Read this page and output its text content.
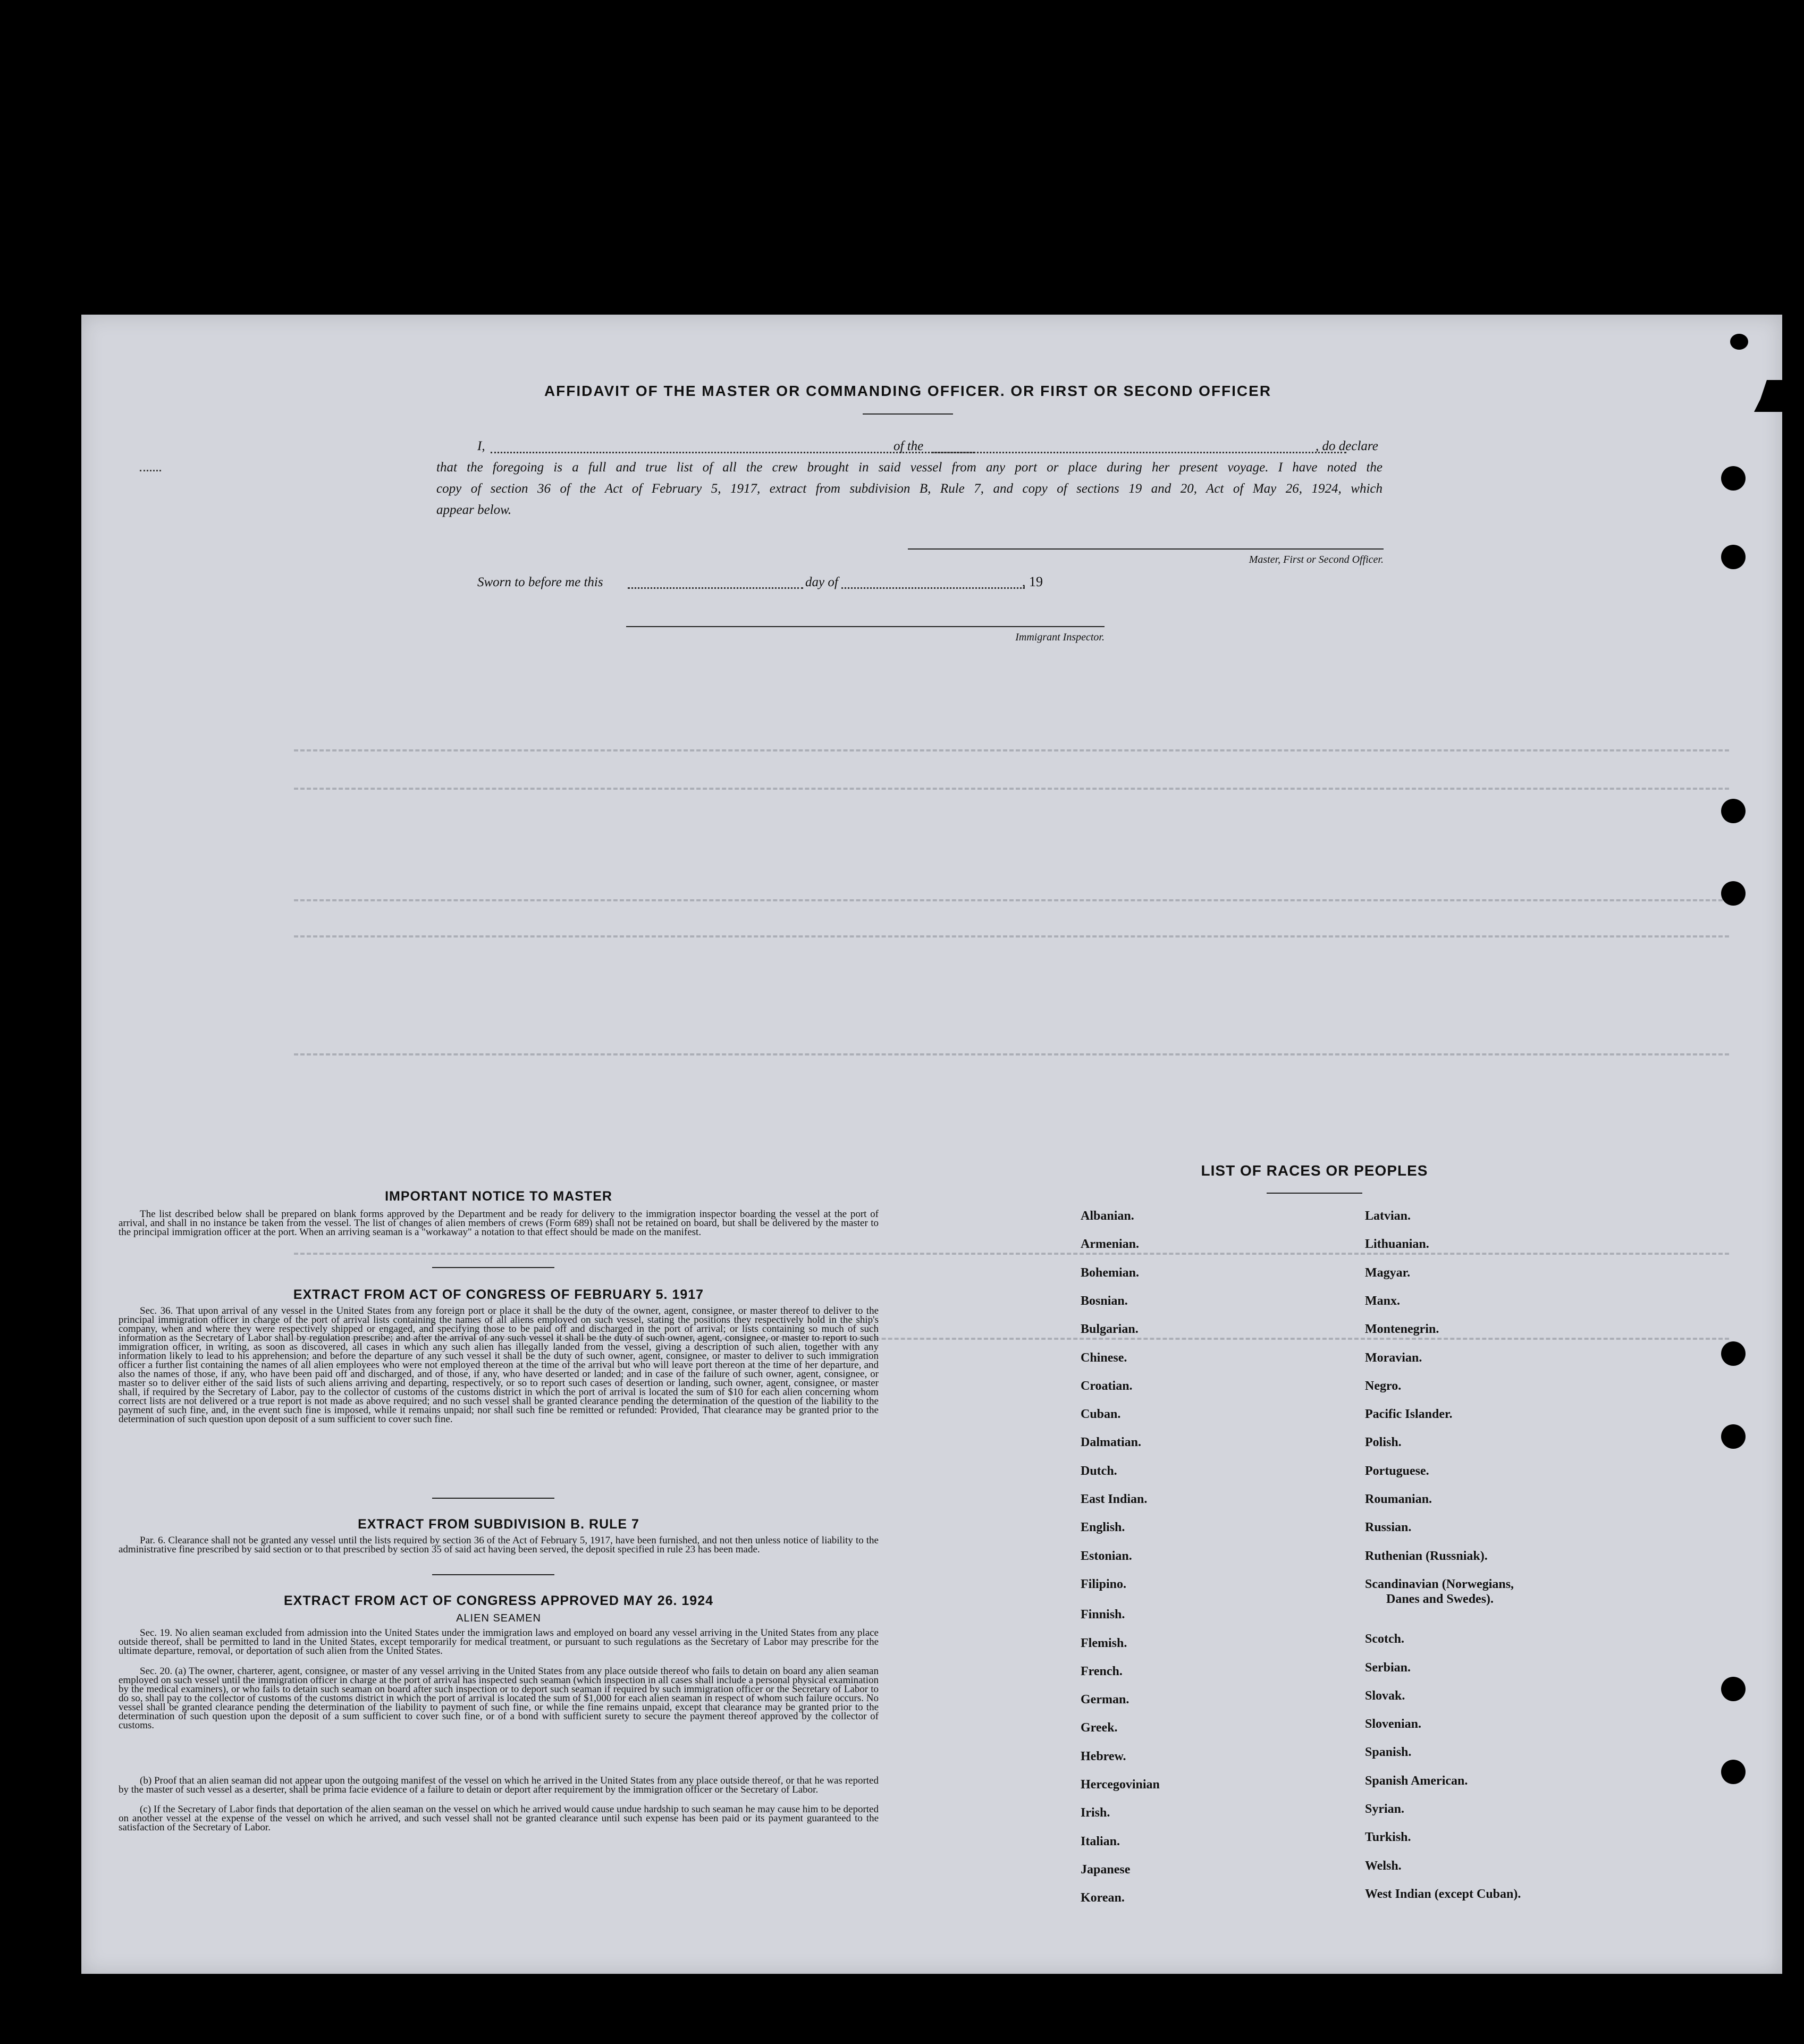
AFFIDAVIT OF THE MASTER OR COMMANDING OFFICER. OR FIRST OR SECOND OFFICER
I,	of the	, do declare
that the foregoing is a full and true list of all the crew brought in said vessel from any port or place during her present voyage. I have noted the
copy of section 36 of the Act of February 5, 1917, extract from subdivision B, Rule 7, and copy of sections 19 and 20, Act of May 26, 1924, which
appear below.
Master, First or Second Officer.
Sworn to before me this	day of	, 19
Immigrant Inspector.
IMPORTANT NOTICE TO MASTER
The list described below shall be prepared on blank forms approved by the Department and be ready for delivery to the immigration inspector boarding the vessel at the port of arrival, and shall in no instance be taken from the vessel. The list of changes of alien members of crews (Form 689) shall not be retained on board, but shall be delivered by the master to the principal immigration officer at the port. When an arriving seaman is a "workaway" a notation to that effect should be made on the manifest.
EXTRACT FROM ACT OF CONGRESS OF FEBRUARY 5. 1917
Sec. 36. That upon arrival of any vessel in the United States from any foreign port or place it shall be the duty of the owner, agent, consignee, or master thereof to deliver to the principal immigration officer in charge of the port of arrival lists containing the names of all aliens employed on such vessel, stating the positions they respectively hold in the ship's company, when and where they were respectively shipped or engaged, and specifying those to be paid off and discharged in the port of arrival; or lists containing so much of such information as the Secretary of Labor shall by regulation prescribe; and after the arrival of any such vessel it shall be the duty of such owner, agent, consignee, or master to report to such immigration officer, in writing, as soon as discovered, all cases in which any such alien has illegally landed from the vessel, giving a description of such alien, together with any information likely to lead to his apprehension; and before the departure of any such vessel it shall be the duty of such owner, agent, consignee, or master to deliver to such immigration officer a further list containing the names of all alien employees who were not employed thereon at the time of the arrival but who will leave port thereon at the time of her departure, and also the names of those, if any, who have been paid off and discharged, and of those, if any, who have deserted or landed; and in case of the failure of such owner, agent, consignee, or master so to deliver either of the said lists of such aliens arriving and departing, respectively, or so to report such cases of desertion or landing, such owner, agent, consignee, or master shall, if required by the Secretary of Labor, pay to the collector of customs of the customs district in which the port of arrival is located the sum of $10 for each alien concerning whom correct lists are not delivered or a true report is not made as above required; and no such vessel shall be granted clearance pending the determination of the question of the liability to the payment of such fine, and, in the event such fine is imposed, while it remains unpaid; nor shall such fine be remitted or refunded: Provided, That clearance may be granted prior to the determination of such question upon deposit of a sum sufficient to cover such fine.
EXTRACT FROM SUBDIVISION B. RULE 7
Par. 6. Clearance shall not be granted any vessel until the lists required by section 36 of the Act of February 5, 1917, have been furnished, and not then unless notice of liability to the administrative fine prescribed by said section or to that prescribed by section 35 of said act having been served, the deposit specified in rule 23 has been made.
EXTRACT FROM ACT OF CONGRESS APPROVED MAY 26. 1924
ALIEN SEAMEN
Sec. 19. No alien seaman excluded from admission into the United States under the immigration laws and employed on board any vessel arriving in the United States from any place outside thereof, shall be permitted to land in the United States, except temporarily for medical treatment, or pursuant to such regulations as the Secretary of Labor may prescribe for the ultimate departure, removal, or deportation of such alien from the United States.
Sec. 20. (a) The owner, charterer, agent, consignee, or master of any vessel arriving in the United States from any place outside thereof who fails to detain on board any alien seaman employed on such vessel until the immigration officer in charge at the port of arrival has inspected such seaman (which inspection in all cases shall include a personal physical examination by the medical examiners), or who fails to detain such seaman on board after such inspection or to deport such seaman if required by such immigration officer or the Secretary of Labor to do so, shall pay to the collector of customs of the customs district in which the port of arrival is located the sum of $1,000 for each alien seaman in respect of whom such failure occurs. No vessel shall be granted clearance pending the determination of the liability to payment of such fine, or while the fine remains unpaid, except that clearance may be granted prior to the determination of such question upon the deposit of a sum sufficient to cover such fine, or of a bond with sufficient surety to secure the payment thereof approved by the collector of customs.
(b) Proof that an alien seaman did not appear upon the outgoing manifest of the vessel on which he arrived in the United States from any place outside thereof, or that he was reported by the master of such vessel as a deserter, shall be prima facie evidence of a failure to detain or deport after requirement by the immigration officer or the Secretary of Labor.
(c) If the Secretary of Labor finds that deportation of the alien seaman on the vessel on which he arrived would cause undue hardship to such seaman he may cause him to be deported on another vessel at the expense of the vessel on which he arrived, and such vessel shall not be granted clearance until such expense has been paid or its payment guaranteed to the satisfaction of the Secretary of Labor.
LIST OF RACES OR PEOPLES
Albanian.
Armenian.
Bohemian.
Bosnian.
Bulgarian.
Chinese.
Croatian.
Cuban.
Dalmatian.
Dutch.
East Indian.
English.
Estonian.
Filipino.
Finnish.
Flemish.
French.
German.
Greek.
Hebrew.
Hercegovinian
Irish.
Italian.
Japanese
Korean.
Latvian.
Lithuanian.
Magyar.
Manx.
Montenegrin.
Moravian.
Negro.
Pacific Islander.
Polish.
Portuguese.
Roumanian.
Russian.
Ruthenian (Russniak).
Scandinavian (Norwegians,
Danes and Swedes).
Scotch.
Serbian.
Slovak.
Slovenian.
Spanish.
Spanish American.
Syrian.
Turkish.
Welsh.
West Indian (except Cuban).
